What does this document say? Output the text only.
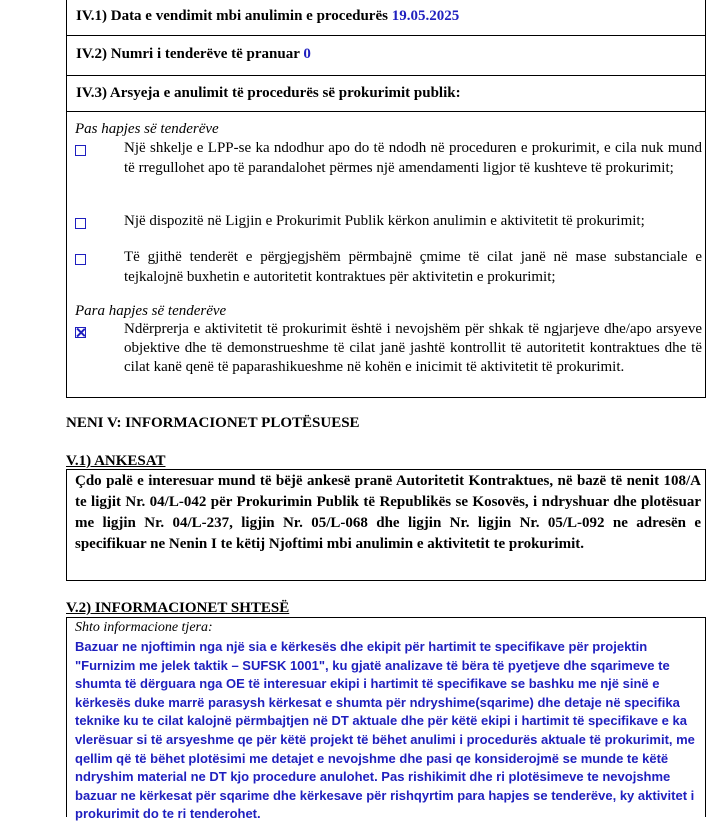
IV.1) Data e vendimit mbi anulimin e procedurës 19.05.2025
IV.2) Numri i tenderëve të pranuar 0
IV.3) Arsyeja e anulimit të procedurës së prokurimit publik:
Pas hapjes së tenderëve
Një shkelje e LPP-se ka ndodhur apo do të ndodh në proceduren e prokurimit, e cila nuk mund të rregullohet apo të parandalohet përmes një amendamenti ligjor të kushteve të prokurimit;
Një dispozitë në Ligjin e Prokurimit Publik kërkon anulimin e aktivitetit të prokurimit;
Të gjithë tenderët e përgjegjshëm përmbajnë çmime të cilat janë në mase substanciale e tejkalojnë buxhetin e autoritetit kontraktues për aktivitetin e prokurimit;
Para hapjes së tenderëve
Ndërprerja e aktivitetit të prokurimit është i nevojshëm për shkak të ngjarjeve dhe/apo arsyeve objektive dhe të demonstrueshme të cilat janë jashtë kontrollit të autoritetit kontraktues dhe të cilat kanë qenë të paparashikueshme në kohën e inicimit të aktivitetit të prokurimit.
NENI V: INFORMACIONET PLOTËSUESE
V.1) ANKESAT
Çdo palë e interesuar mund të bëjë ankesë pranë Autoritetit Kontraktues, në bazë të nenit 108/A te ligjit Nr. 04/L-042 për Prokurimin Publik të Republikës se Kosovës, i ndryshuar dhe plotësuar me ligjin Nr. 04/L-237, ligjin Nr. 05/L-068 dhe ligjin Nr. ligjin Nr. 05/L-092 ne adresën e specifikuar ne Nenin I te këtij Njoftimi mbi anulimin e aktivitetit te prokurimit.
V.2) INFORMACIONET SHTESË
Shto informacione tjera:
Bazuar ne njoftimin nga një sia e kërkesës dhe ekipit për hartimit te specifikave për projektin "Furnizim me jelek taktik – SUFSK 1001", ku gjatë analizave të bëra të pyetjeve dhe sqarimeve te shumta të dërguara nga OE të interesuar ekipi i hartimit të specifikave se bashku me një sinë e kërkesës duke marrë parasysh kërkesat e shumta për ndryshime(sqarime) dhe detaje në specifika teknike ku te cilat kalojnë përmbajtjen në DT aktuale dhe për këtë ekipi i hartimit të specifikave e ka vlerësuar si të arsyeshme qe për këtë projekt të bëhet anulimi i procedurës aktuale të prokurimit, me qellim që të bëhet plotësimi me detajet e nevojshme dhe pasi qe konsiderojmë se munde te këtë ndryshim material ne DT kjo procedure anulohet. Pas rishikimit dhe ri plotësimeve te nevojshme bazuar ne kërkesat për sqarime dhe kërkesave për rishqyrtim para hapjes se tenderëve, ky aktivitet i prokurimit do te ri tenderohet.
